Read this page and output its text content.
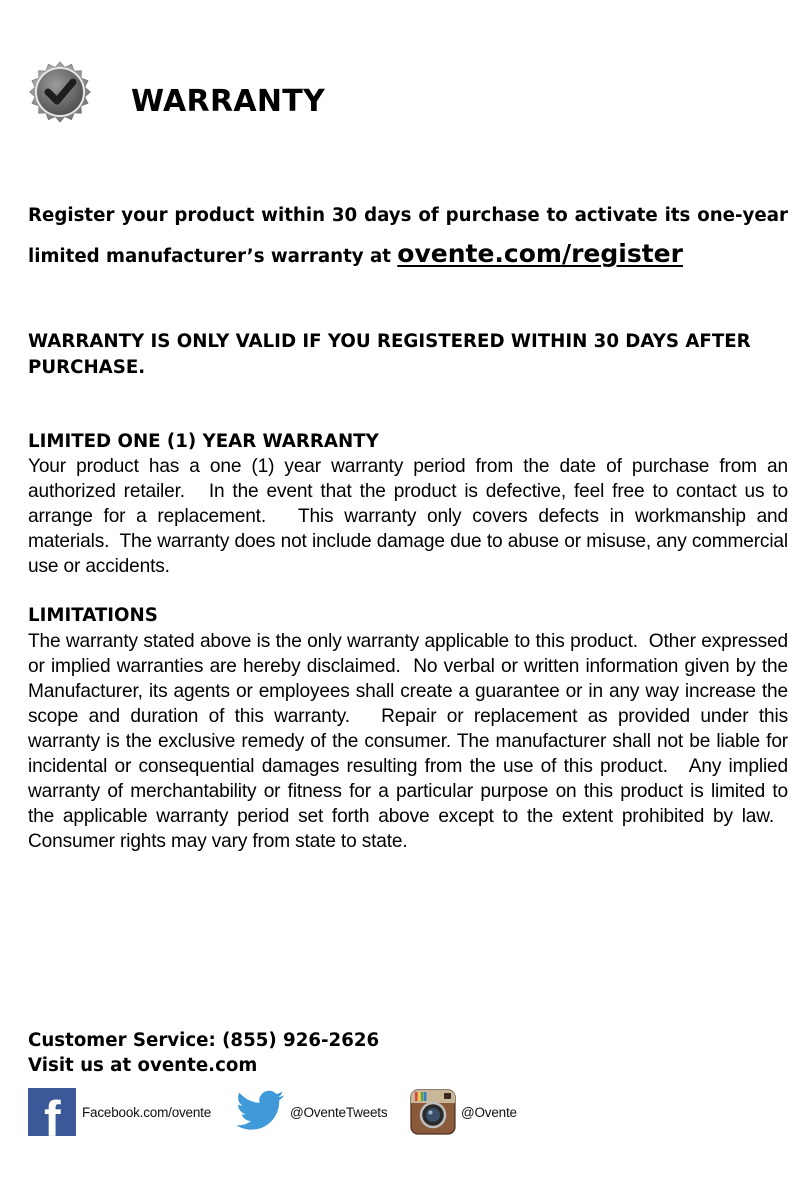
WARRANTY
Register your product within 30 days of purchase to activate its one-year
limited manufacturer’s warranty at ovente.com/register
WARRANTY IS ONLY VALID IF YOU REGISTERED WITHIN 30 DAYS AFTER PURCHASE.
LIMITED ONE (1) YEAR WARRANTY
Your product has a one (1) year warranty period from the date of purchase from an authorized retailer.   In the event that the product is defective, feel free to contact us to arrange for a replacement.   This warranty only covers defects in workmanship and materials.  The warranty does not include damage due to abuse or misuse, any commercial use or accidents.
LIMITATIONS
The warranty stated above is the only warranty applicable to this product.  Other expressed or implied warranties are hereby disclaimed.  No verbal or written information given by the Manufacturer, its agents or employees shall create a guarantee or in any way increase the scope and duration of this warranty.   Repair or replacement as provided under this warranty is the exclusive remedy of the consumer. The manufacturer shall not be liable for incidental or consequential damages resulting from the use of this product.   Any implied warranty of merchantability or fitness for a particular purpose on this product is limited to the applicable warranty period set forth above except to the extent prohibited by law.   Consumer rights may vary from state to state.
Customer Service: (855) 926-2626
Visit us at ovente.com
f Facebook.com/ovente	@OventeTweets	@Ovente
